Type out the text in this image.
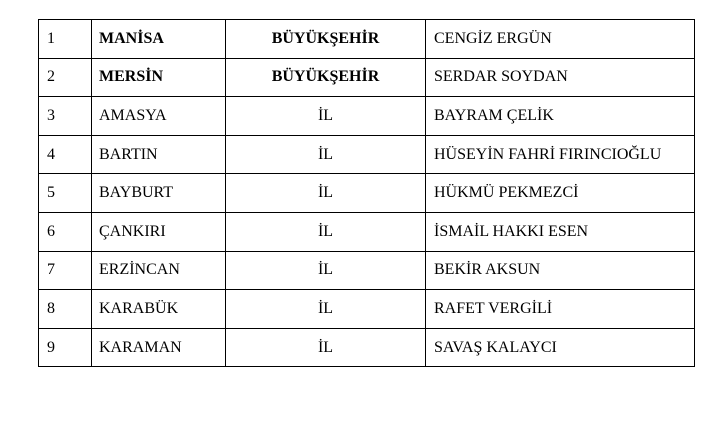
1	MANİSA	BÜYÜKŞEHİR	CENGİZ ERGÜN
2	MERSİN	BÜYÜKŞEHİR	SERDAR SOYDAN
3	AMASYA	İL	BAYRAM ÇELİK
4	BARTIN	İL	HÜSEYİN FAHRİ FIRINCIOĞLU
5	BAYBURT	İL	HÜKMÜ PEKMEZCİ
6	ÇANKIRI	İL	İSMAİL HAKKI ESEN
7	ERZİNCAN	İL	BEKİR AKSUN
8	KARABÜK	İL	RAFET VERGİLİ
9	KARAMAN	İL	SAVAŞ KALAYCI
